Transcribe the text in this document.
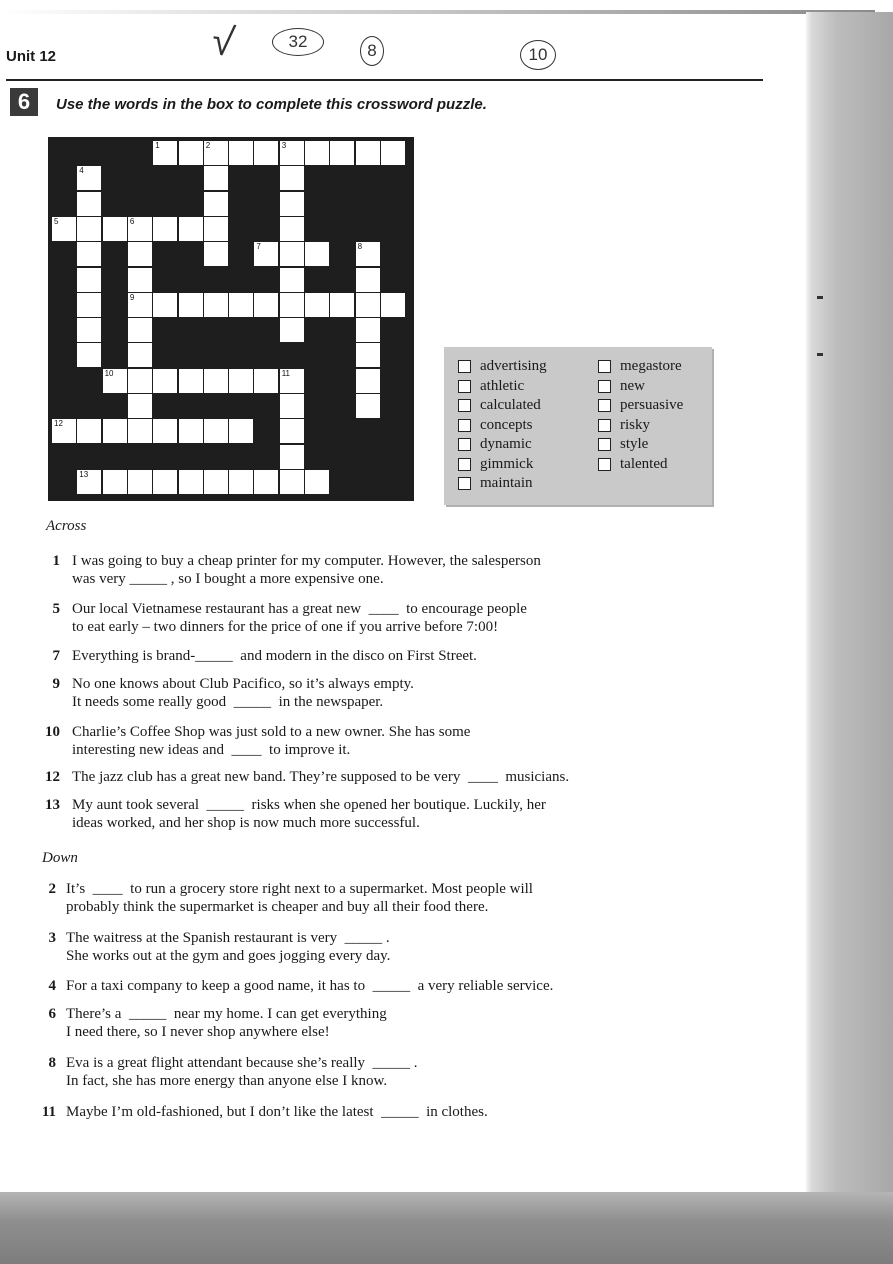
Unit 12	√	32	8	10
6	Use the words in the box to complete this crossword puzzle.
1	2	3
4
5	6
7	8
9
10	11
12
13
advertising
athletic
calculated
concepts
dynamic
gimmick
maintain
megastore
new
persuasive
risky
style
talented
Across
1 I was going to buy a cheap printer for my computer. However, the salesperson
was very _____ , so I bought a more expensive one.
5 Our local Vietnamese restaurant has a great new  ____  to encourage people
to eat early – two dinners for the price of one if you arrive before 7:00!
7 Everything is brand-_____  and modern in the disco on First Street.
9 No one knows about Club Pacifico, so it’s always empty.
It needs some really good  _____  in the newspaper.
10 Charlie’s Coffee Shop was just sold to a new owner. She has some
interesting new ideas and  ____  to improve it.
12 The jazz club has a great new band. They’re supposed to be very  ____  musicians.
13 My aunt took several  _____  risks when she opened her boutique. Luckily, her
ideas worked, and her shop is now much more successful.
Down
2 It’s  ____  to run a grocery store right next to a supermarket. Most people will
probably think the supermarket is cheaper and buy all their food there.
3 The waitress at the Spanish restaurant is very  _____ .
She works out at the gym and goes jogging every day.
4 For a taxi company to keep a good name, it has to  _____  a very reliable service.
6 There’s a  _____  near my home. I can get everything
I need there, so I never shop anywhere else!
8 Eva is a great flight attendant because she’s really  _____ .
In fact, she has more energy than anyone else I know.
11 Maybe I’m old-fashioned, but I don’t like the latest  _____  in clothes.
